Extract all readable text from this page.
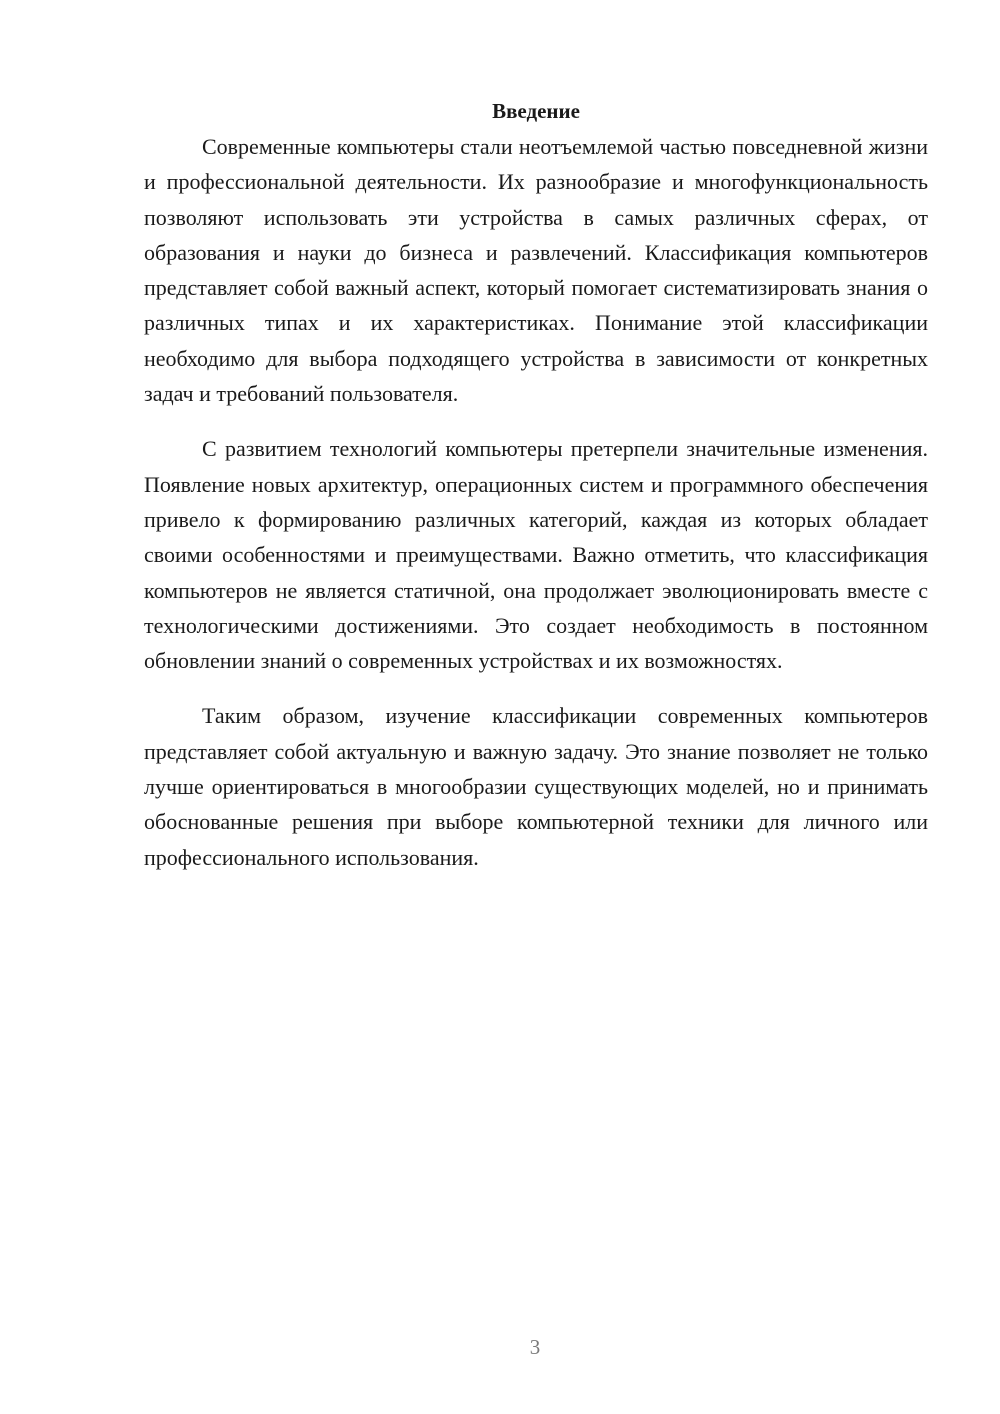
Введение

Современные компьютеры стали неотъемлемой частью повседневной жизни и профессиональной деятельности. Их разнообразие и многофункциональность позволяют использовать эти устройства в самых различных сферах, от образования и науки до бизнеса и развлечений. Классификация компьютеров представляет собой важный аспект, который помогает систематизировать знания о различных типах и их характеристиках. Понимание этой классификации необходимо для выбора подходящего устройства в зависимости от конкретных задач и требований пользователя.

С развитием технологий компьютеры претерпели значительные изменения. Появление новых архитектур, операционных систем и программного обеспечения привело к формированию различных категорий, каждая из которых обладает своими особенностями и преимуществами. Важно отметить, что классификация компьютеров не является статичной, она продолжает эволюционировать вместе с технологическими достижениями. Это создает необходимость в постоянном обновлении знаний о современных устройствах и их возможностях.

Таким образом, изучение классификации современных компьютеров представляет собой актуальную и важную задачу. Это знание позволяет не только лучше ориентироваться в многообразии существующих моделей, но и принимать обоснованные решения при выборе компьютерной техники для личного или профессионального использования.

3
